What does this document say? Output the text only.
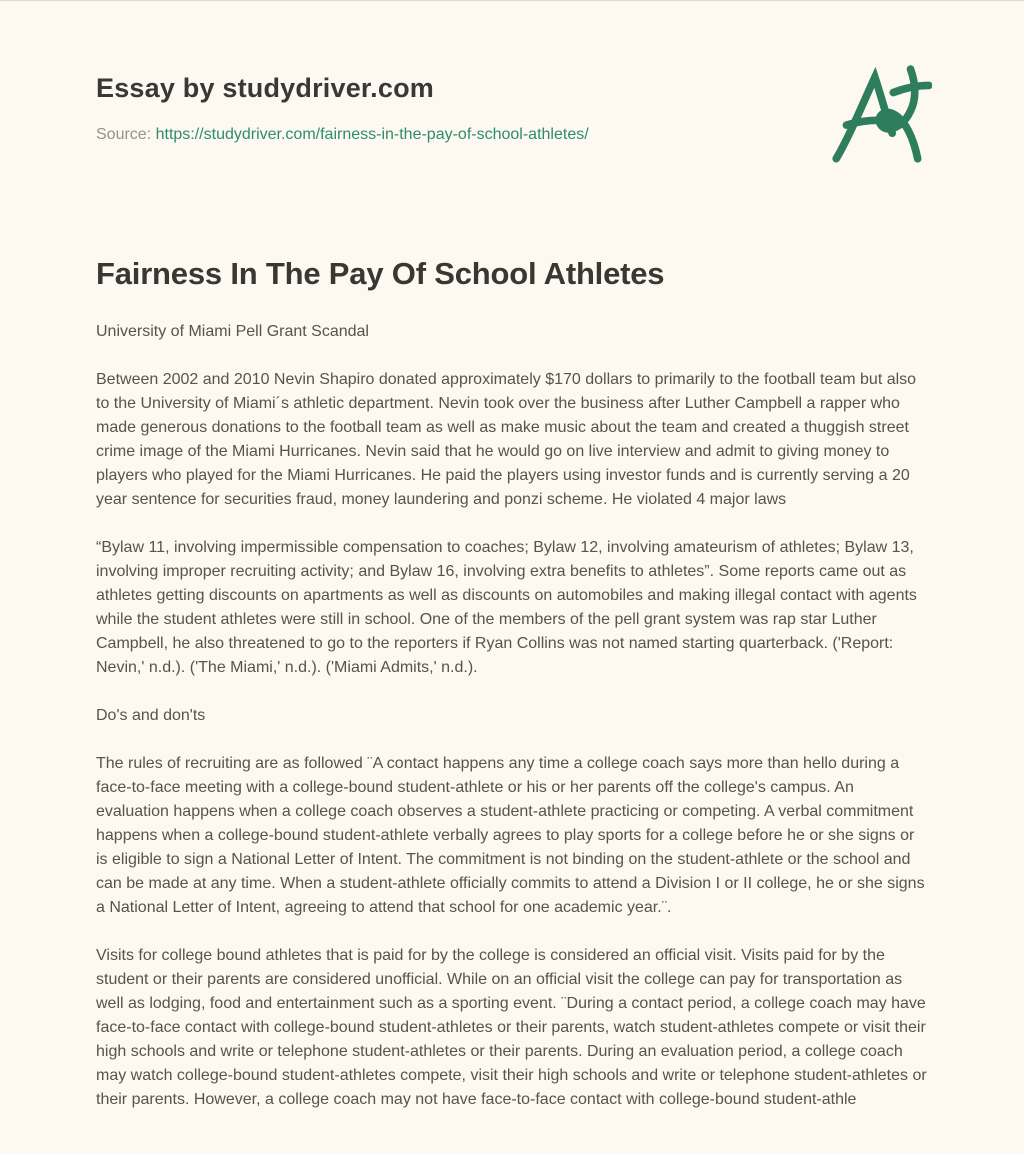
Essay by studydriver.com

Source: https://studydriver.com/fairness-in-the-pay-of-school-athletes/

Fairness In The Pay Of School Athletes

University of Miami Pell Grant Scandal

Between 2002 and 2010 Nevin Shapiro donated approximately $170 dollars to primarily to the football team but also to the University of Miami´s athletic department. Nevin took over the business after Luther Campbell a rapper who made generous donations to the football team as well as make music about the team and created a thuggish street crime image of the Miami Hurricanes. Nevin said that he would go on live interview and admit to giving money to players who played for the Miami Hurricanes. He paid the players using investor funds and is currently serving a 20 year sentence for securities fraud, money laundering and ponzi scheme. He violated 4 major laws

“Bylaw 11, involving impermissible compensation to coaches; Bylaw 12, involving amateurism of athletes; Bylaw 13, involving improper recruiting activity; and Bylaw 16, involving extra benefits to athletes”. Some reports came out as athletes getting discounts on apartments as well as discounts on automobiles and making illegal contact with agents while the student athletes were still in school. One of the members of the pell grant system was rap star Luther Campbell, he also threatened to go to the reporters if Ryan Collins was not named starting quarterback. ('Report: Nevin,' n.d.). ('The Miami,' n.d.). ('Miami Admits,' n.d.).

Do's and don'ts

The rules of recruiting are as followed ¨A contact happens any time a college coach says more than hello during a face-to-face meeting with a college-bound student-athlete or his or her parents off the college's campus. An evaluation happens when a college coach observes a student-athlete practicing or competing. A verbal commitment happens when a college-bound student-athlete verbally agrees to play sports for a college before he or she signs or is eligible to sign a National Letter of Intent. The commitment is not binding on the student-athlete or the school and can be made at any time. When a student-athlete officially commits to attend a Division I or II college, he or she signs a National Letter of Intent, agreeing to attend that school for one academic year.¨.

Visits for college bound athletes that is paid for by the college is considered an official visit. Visits paid for by the student or their parents are considered unofficial. While on an official visit the college can pay for transportation as well as lodging, food and entertainment such as a sporting event. ¨During a contact period, a college coach may have face-to-face contact with college-bound student-athletes or their parents, watch student-athletes compete or visit their high schools and write or telephone student-athletes or their parents. During an evaluation period, a college coach may watch college-bound student-athletes compete, visit their high schools and write or telephone student-athletes or their parents. However, a college coach may not have face-to-face contact with college-bound student-athle
